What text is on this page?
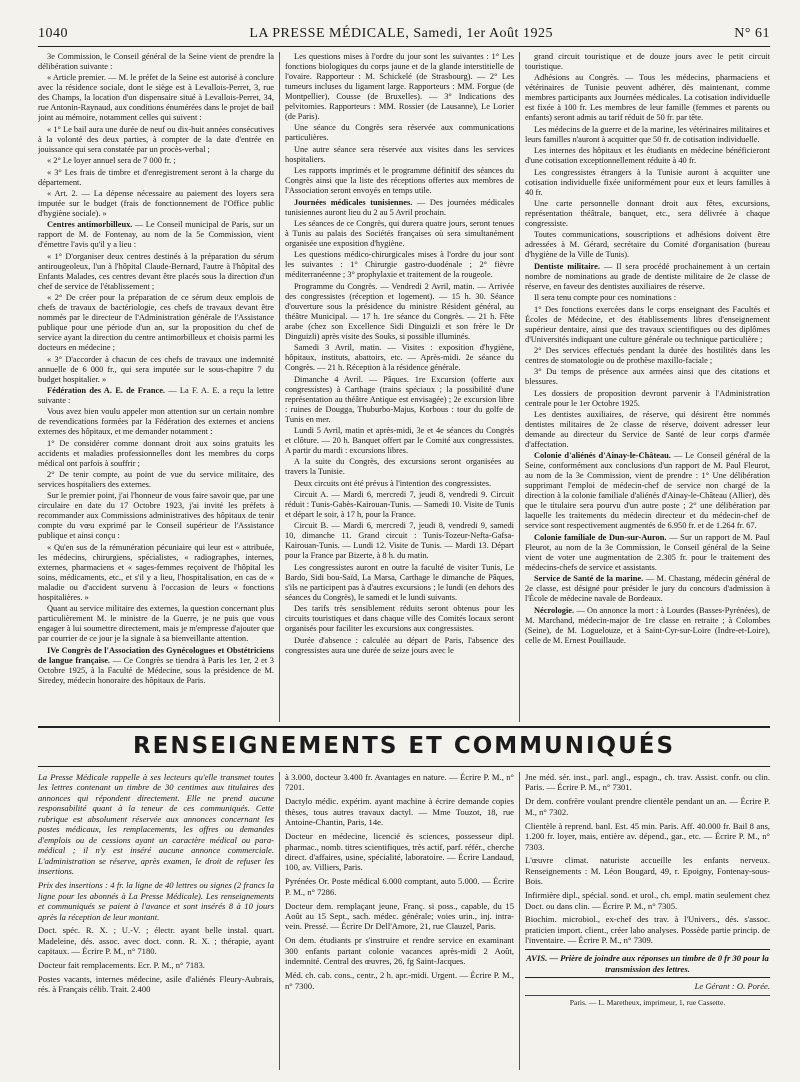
1040	LA PRESSE MÉDICALE, Samedi, 1er Août 1925	N° 61

3e Commission, le Conseil général de la Seine vient de prendre la délibération suivante :

« Article premier. — M. le préfet de la Seine est autorisé à conclure avec la résidence sociale, dont le siège est à Levallois-Perret, 3, rue des Champs, la location d'un dispensaire situé à Levallois-Perret, 34, rue Antonin-Raynaud, aux conditions énumérées dans le projet de bail joint au mémoire, notamment celles qui suivent :

« 1° Le bail aura une durée de neuf ou dix-huit années consécutives à la volonté des deux parties, à compter de la date d'entrée en jouissance qui sera constatée par un procès-verbal ;

« 2° Le loyer annuel sera de 7 000 fr. ;

« 3° Les frais de timbre et d'enregistrement seront à la charge du département.

« Art. 2. — La dépense nécessaire au paiement des loyers sera imputée sur le budget (frais de fonctionnement de l'Office public d'hygiène sociale). »

Centres antimorbilleux. — Le Conseil municipal de Paris, sur un rapport de M. de Fontenay, au nom de la 5e Commission, vient d'émettre l'avis qu'il y a lieu :

« 1° D'organiser deux centres destinés à la préparation du sérum antirougeoleux, l'un à l'hôpital Claude-Bernard, l'autre à l'hôpital des Enfants Malades, ces centres devant être placés sous la direction d'un chef de service de l'établissement ;

« 2° De créer pour la préparation de ce sérum deux emplois de chefs de travaux de bactériologie, ces chefs de travaux devant être nommés par le directeur de l'Administration générale de l'Assistance publique pour une période d'un an, sur la proposition du chef de service ayant la direction du centre antimorbilleux et choisis parmi les docteurs en médecine ;

« 3° D'accorder à chacun de ces chefs de travaux une indemnité annuelle de 6 000 fr., qui sera imputée sur le sous-chapitre 7 du budget hospitalier. »

Fédération des A. E. de France. — La F. A. E. a reçu la lettre suivante :

Vous avez bien voulu appeler mon attention sur un certain nombre de revendications formées par la Fédération des externes et anciens externes des hôpitaux, et me demander notamment :

1° De considérer comme donnant droit aux soins gratuits les accidents et maladies professionnelles dont les membres du corps médical ont parfois à souffrir ;

2° De tenir compte, au point de vue du service militaire, des services hospitaliers des externes.

Sur le premier point, j'ai l'honneur de vous faire savoir que, par une circulaire en date du 17 Octobre 1923, j'ai invité les préfets à recommander aux Commissions administratives des hôpitaux de tenir compte du vœu exprimé par le Conseil supérieur de l'Assistance publique et ainsi conçu :

« Qu'en sus de la rémunération pécuniaire qui leur est « attribuée, les médecins, chirurgiens, spécialistes, « radiographes, internes, externes, pharmaciens et « sages-femmes reçoivent de l'hôpital les soins, médicaments, etc., et s'il y a lieu, l'hospitalisation, en cas de « maladie ou d'accident survenu à l'occasion de leurs « fonctions hospitalières. »

Quant au service militaire des externes, la question concernant plus particulièrement M. le ministre de la Guerre, je ne puis que vous engager à lui soumettre directement, mais je m'empresse d'ajouter que par courrier de ce jour je la signale à sa bienveillante attention.

IVe Congrès de l'Association des Gynécologues et Obstétriciens de langue française. — Ce Congrès se tiendra à Paris les 1er, 2 et 3 Octobre 1925, à la Faculté de Médecine, sous la présidence de M. Siredey, médecin honoraire des hôpitaux de Paris.

Les questions mises à l'ordre du jour sont les suivantes : 1° Les fonctions biologiques du corps jaune et de la glande interstitielle de l'ovaire. Rapporteur : M. Schickelé (de Strasbourg). — 2° Les tumeurs incluses du ligament large. Rapporteurs : MM. Forgue (de Montpellier), Cousse (de Bruxelles). — 3° Indications des pelvitomies. Rapporteurs : MM. Rossier (de Lausanne), Le Lorier (de Paris).

Une séance du Congrès sera réservée aux communications particulières.

Une autre séance sera réservée aux visites dans les services hospitaliers.

Les rapports imprimés et le programme définitif des séances du Congrès ainsi que la liste des réceptions offertes aux membres de l'Association seront envoyés en temps utile.

Journées médicales tunisiennes. — Des journées médicales tunisiennes auront lieu du 2 au 5 Avril prochain.

Les séances de ce Congrès, qui durera quatre jours, seront tenues à Tunis au palais des Sociétés françaises où sera simultanément organisée une exposition d'hygiène.

Les questions médico-chirurgicales mises à l'ordre du jour sont les suivantes : 1° Chirurgie gastro-duodénale ; 2° fièvre méditerranéenne ; 3° prophylaxie et traitement de la rougeole.

Programme du Congrès. — Vendredi 2 Avril, matin. — Arrivée des congressistes (réception et logement). — 15 h. 30. Séance d'ouverture sous la présidence du ministre Résident général, au théâtre Municipal. — 17 h. 1re séance du Congrès. — 21 h. Fête arabe (chez son Excellence Sidi Dinguizli et son frère le Dr Dinguizli) après visite des Souks, si possible illuminés.

Samedi 3 Avril, matin. — Visites : exposition d'hygiène, hôpitaux, instituts, abattoirs, etc. — Après-midi. 2e séance du Congrès. — 21 h. Réception à la résidence générale.

Dimanche 4 Avril. — Pâques. 1re Excursion (offerte aux congressistes) à Carthage (trains spéciaux ; la possibilité d'une représentation au théâtre Antique est envisagée) ; 2e excursion libre : ruines de Dougga, Thuburbo-Majus, Korbous : tour du golfe de Tunis en mer.

Lundi 5 Avril, matin et après-midi, 3e et 4e séances du Congrès et clôture. — 20 h. Banquet offert par le Comité aux congressistes. A partir du mardi : excursions libres.

A la suite du Congrès, des excursions seront organisées au travers la Tunisie.

Deux circuits ont été prévus à l'intention des congressistes.

Circuit A. — Mardi 6, mercredi 7, jeudi 8, vendredi 9. Circuit réduit : Tunis-Gabès-Kairouan-Tunis. — Samedi 10. Visite de Tunis et départ le soir, à 17 h, pour la France.

Circuit B. — Mardi 6, mercredi 7, jeudi 8, vendredi 9, samedi 10, dimanche 11. Grand circuit : Tunis-Tozeur-Nefta-Gafsa-Kairouan-Tunis. — Lundi 12. Visite de Tunis. — Mardi 13. Départ pour la France par Bizerte, à 8 h. du matin.

Les congressistes auront en outre la faculté de visiter Tunis, Le Bardo, Sidi bou-Saïd, La Marsa, Carthage le dimanche de Pâques, s'ils ne participent pas à d'autres excursions ; le lundi (en dehors des séances du Congrès), le samedi et le lundi suivants.

Des tarifs très sensiblement réduits seront obtenus pour les circuits touristiques et dans chaque ville des Comités locaux seront organisés pour faciliter les excursions aux congressistes.

Durée d'absence : calculée au départ de Paris, l'absence des congressistes aura une durée de seize jours avec le

grand circuit touristique et de douze jours avec le petit circuit touristique.

Adhésions au Congrès. — Tous les médecins, pharmaciens et vétérinaires de Tunisie peuvent adhérer, dès maintenant, comme membres participants aux Journées médicales. La cotisation individuelle est fixée à 100 fr. Les membres de leur famille (femmes et parents ou enfants) seront admis au tarif réduit de 50 fr. par tête.

Les médecins de la guerre et de la marine, les vétérinaires militaires et leurs familles n'auront à acquitter que 50 fr. de cotisation individuelle.

Les internes des hôpitaux et les étudiants en médecine bénéficieront d'une cotisation exceptionnellement réduite à 40 fr.

Les congressistes étrangers à la Tunisie auront à acquitter une cotisation individuelle fixée uniformément pour eux et leurs familles à 40 fr.

Une carte personnelle donnant droit aux fêtes, excursions, représentation théâtrale, banquet, etc., sera délivrée à chaque congressiste.

Toutes communications, souscriptions et adhésions doivent être adressées à M. Gérard, secrétaire du Comité d'organisation (bureau d'hygiène de la Ville de Tunis).

Dentiste militaire. — Il sera procédé prochainement à un certain nombre de nominations au grade de dentiste militaire de 2e classe de réserve, en faveur des dentistes auxiliaires de réserve.

Il sera tenu compte pour ces nominations :

1° Des fonctions exercées dans le corps enseignant des Facultés et Écoles de Médecine, et des établissements libres d'enseignement supérieur dentaire, ainsi que des travaux scientifiques ou des diplômes d'Universités indiquant une culture générale ou technique particulière ;

2° Des services effectués pendant la durée des hostilités dans les centres de stomatologie ou de prothèse maxillo-faciale ;

3° Du temps de présence aux armées ainsi que des citations et blessures.

Les dossiers de proposition devront parvenir à l'Administration centrale pour le 1er Octobre 1925.

Les dentistes auxiliaires, de réserve, qui désirent être nommés dentistes militaires de 2e classe de réserve, doivent adresser leur demande au directeur du Service de Santé de leur corps d'armée d'affectation.

Colonie d'aliénés d'Ainay-le-Château. — Le Conseil général de la Seine, conformément aux conclusions d'un rapport de M. Paul Fleurot, au nom de la 3e Commission, vient de prendre : 1° Une délibération supprimant l'emploi de médecin-chef de service non chargé de la direction à la colonie familiale d'aliénés d'Ainay-le-Château (Allier), dès que le titulaire sera pourvu d'un autre poste ; 2° une délibération par laquelle les traitements du médecin directeur et du médecin-chef de service sont respectivement augmentés de 6.950 fr. et de 1.264 fr. 67.

Colonie familiale de Dun-sur-Auron. — Sur un rapport de M. Paul Fleurot, au nom de la 3e Commission, le Conseil général de la Seine vient de voter une augmentation de 2.305 fr. pour le traitement des médecins-chefs de service et assistants.

Service de Santé de la marine. — M. Chastang, médecin général de 2e classe, est désigné pour présider le jury du concours d'admission à l'École de médecine navale de Bordeaux.

Nécrologie. — On annonce la mort : à Lourdes (Basses-Pyrénées), de M. Marchand, médecin-major de 1re classe en retraite ; à Colombes (Seine), de M. Loguelouze, et à Saint-Cyr-sur-Loire (Indre-et-Loire), celle de M. Ernest Pouillaude.

RENSEIGNEMENTS ET COMMUNIQUÉS

La Presse Médicale rappelle à ses lecteurs qu'elle transmet toutes les lettres contenant un timbre de 30 centimes aux titulaires des annonces qui répondent directement. Elle ne prend aucune responsabilité quant à la teneur de ces communiqués. Cette rubrique est absolument réservée aux annonces concernant les postes médicaux, les remplacements, les offres ou demandes d'emplois ou de cessions ayant un caractère médical ou para-médical ; il n'y est inséré aucune annonce commerciale. L'administration se réserve, après examen, le droit de refuser les insertions.

Prix des insertions : 4 fr. la ligne de 40 lettres ou signes (2 francs la ligne pour les abonnés à La Presse Médicale). Les renseignements et communiqués se paient à l'avance et sont insérés 8 à 10 jours après la réception de leur montant.

Doct. spéc. R. X. ; U.-V. ; électr. ayant belle instal. quart. Madeleine, dés. assoc. avec doct. conn. R. X. ; thérapie, ayant capitaux. — Écrire P. M., n° 7180.

Docteur fait remplacements. Ecr. P. M., n° 7183.

Postes vacants, internes médecine, asile d'aliénés Fleury-Aubrais, rés. à Français célib. Trait. 2.400

à 3.000, docteur 3.400 fr. Avantages en nature. — Écrire P. M., n° 7201.

Dactylo médic. expérim. ayant machine à écrire demande copies thèses, tous autres travaux dactyl. — Mme Touzot, 18, rue Antoine-Chantin, Paris, 14e.

Docteur en médecine, licencié ès sciences, possesseur dipl. pharmac., nomb. titres scientifiques, très actif, parf. référ., cherche direct. d'affaires, usine, spécialité, laboratoire. — Écrire Landaud, 100, av. Villiers, Paris.

Pyrénées Or. Poste médical 6.000 comptant, auto 5.000. — Écrire P. M., n° 7286.

Docteur dem. remplaçant jeune, Franç. si poss., capable, du 15 Août au 15 Sept., sach. médec. générale; voies urin., inj. intra-vein. Pressé. — Écrire Dr Dell'Amore, 21, rue Clauzel, Paris.

On dem. étudiants pr s'instruire et rendre service en examinant 300 enfants partant colonie vacances après-midi 2 Août, indemnité. Central des œuvres, 26, fg Saint-Jacques.

Méd. ch. cab. cons., centr., 2 h. apr.-midi. Urgent. — Écrire P. M., n° 7300.

Jne méd. sér. inst., parl. angl., espagn., ch. trav. Assist. confr. ou clin. Paris. — Écrire P. M., n° 7301.

Dr dem. confrère voulant prendre clientèle pendant un an. — Écrire P. M., n° 7302.

Clientèle à reprend. banl. Est. 45 min. Paris. Aff. 40.000 fr. Bail 8 ans, 1.200 fr. loyer, mais, entière av. dépend., gar., etc. — Écrire P. M., n° 7303.

L'œuvre climat. naturiste accueille les enfants nerveux. Renseignements : M. Léon Bougard, 49, r. Epoigny, Fontenay-sous-Bois.

Infirmière dipl., spécial. sond. et urol., ch. empl. matin seulement chez Doct. ou dans clin. — Écrire P. M., n° 7305.

Biochim. microbiol., ex-chef des trav. à l'Univers., dés. s'assoc. praticien import. client., créer labo analyses. Possède partie princip. de l'inventaire. — Écrire P. M., n° 7309.

AVIS. — Prière de joindre aux réponses un timbre de 0 fr 30 pour la transmission des lettres.

Le Gérant : O. Porée.

Paris. — L. Maretheux, imprimeur, 1, rue Cassette.
